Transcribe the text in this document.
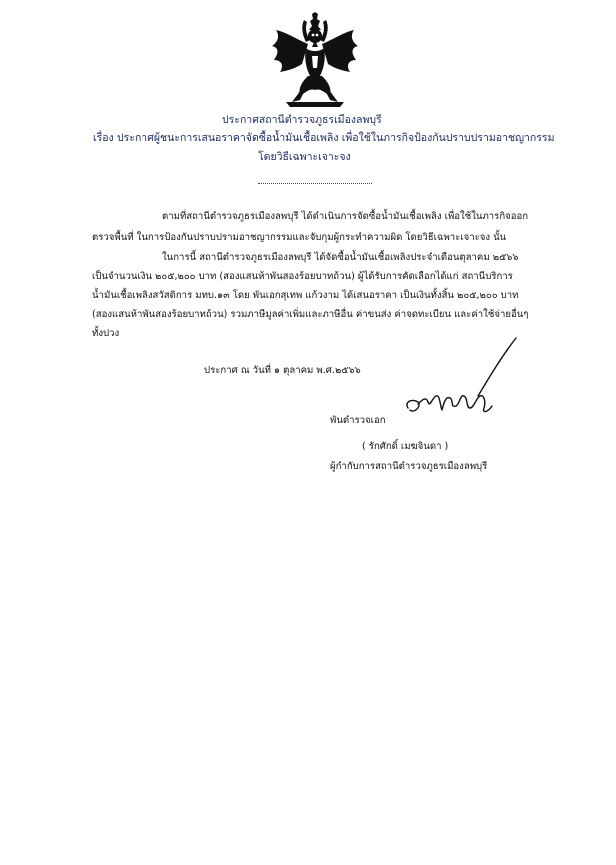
ประกาศสถานีตำรวจภูธรเมืองลพบุรี
เรื่อง ประกาศผู้ชนะการเสนอราคาจัดซื้อน้ำมันเชื้อเพลิง เพื่อใช้ในภารกิจป้องกันปราบปรามอาชญากรรม
โดยวิธีเฉพาะเจาะจง
ตามที่สถานีตำรวจภูธรเมืองลพบุรี ได้ดำเนินการจัดซื้อน้ำมันเชื้อเพลิง เพื่อใช้ในภารกิจออก
ตรวจพื้นที่ ในการป้องกันปราบปรามอาชญากรรมและจับกุมผู้กระทำความผิด โดยวิธีเฉพาะเจาะจง นั้น
ในการนี้ สถานีตำรวจภูธรเมืองลพบุรี ได้จัดซื้อน้ำมันเชื้อเพลิงประจำเดือนตุลาคม ๒๕๖๖
เป็นจำนวนเงิน ๒๐๕,๒๐๐ บาท (สองแสนห้าพันสองร้อยบาทถ้วน) ผู้ได้รับการคัดเลือกได้แก่ สถานีบริการ
น้ำมันเชื้อเพลิงสวัสดิการ มทบ.๑๓ โดย พันเอกสุเทพ แก้วงาม ได้เสนอราคา เป็นเงินทั้งสิ้น ๒๐๕,๒๐๐ บาท
(สองแสนห้าพันสองร้อยบาทถ้วน) รวมภาษีมูลค่าเพิ่มและภาษีอื่น ค่าขนส่ง ค่าจดทะเบียน และค่าใช้จ่ายอื่นๆ
ทั้งปวง
ประกาศ ณ วันที่ ๑ ตุลาคม พ.ศ.๒๕๖๖
พันตำรวจเอก
( รักศักดิ์ เมฆจินดา )
ผู้กำกับการสถานีตำรวจภูธรเมืองลพบุรี
